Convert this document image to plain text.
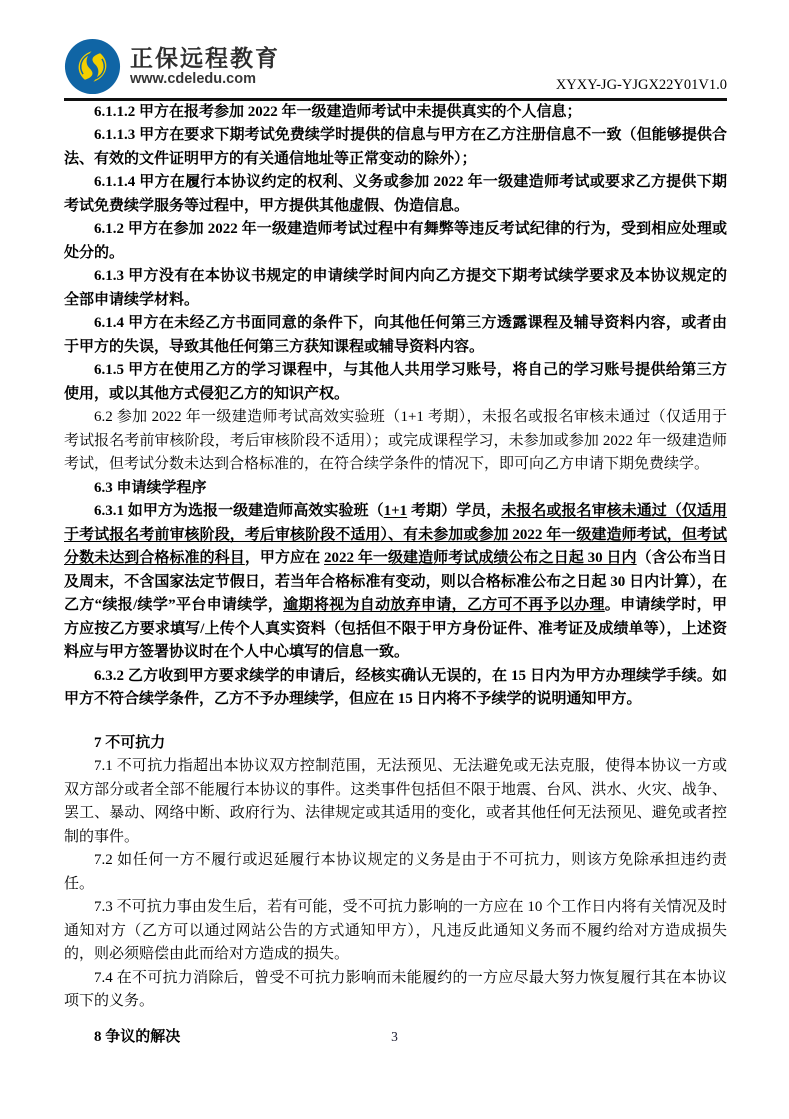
正保远程教育
www.cdeledu.com	XYXY-JG-YJGX22Y01V1.0

6.1.1.2 甲方在报考参加 2022 年一级建造师考试中未提供真实的个人信息；

6.1.1.3 甲方在要求下期考试免费续学时提供的信息与甲方在乙方注册信息不一致（但能够提供合法、有效的文件证明甲方的有关通信地址等正常变动的除外）；

6.1.1.4 甲方在履行本协议约定的权利、义务或参加 2022 年一级建造师考试或要求乙方提供下期考试免费续学服务等过程中，甲方提供其他虚假、伪造信息。

6.1.2 甲方在参加 2022 年一级建造师考试过程中有舞弊等违反考试纪律的行为，受到相应处理或处分的。

6.1.3 甲方没有在本协议书规定的申请续学时间内向乙方提交下期考试续学要求及本协议规定的全部申请续学材料。

6.1.4 甲方在未经乙方书面同意的条件下，向其他任何第三方透露课程及辅导资料内容，或者由于甲方的失误，导致其他任何第三方获知课程或辅导资料内容。

6.1.5 甲方在使用乙方的学习课程中，与其他人共用学习账号，将自己的学习账号提供给第三方使用，或以其他方式侵犯乙方的知识产权。

6.2 参加 2022 年一级建造师考试高效实验班（1+1 考期），未报名或报名审核未通过（仅适用于考试报名考前审核阶段，考后审核阶段不适用）；或完成课程学习，未参加或参加 2022 年一级建造师考试，但考试分数未达到合格标准的，在符合续学条件的情况下，即可向乙方申请下期免费续学。

6.3 申请续学程序

6.3.1 如甲方为选报一级建造师高效实验班（1+1 考期）学员，未报名或报名审核未通过（仅适用于考试报名考前审核阶段，考后审核阶段不适用）、有未参加或参加 2022 年一级建造师考试，但考试分数未达到合格标准的科目，甲方应在 2022 年一级建造师考试成绩公布之日起 30 日内（含公布当日及周末，不含国家法定节假日，若当年合格标准有变动，则以合格标准公布之日起 30 日内计算），在乙方“续报/续学”平台申请续学，逾期将视为自动放弃申请，乙方可不再予以办理。申请续学时，甲方应按乙方要求填写/上传个人真实资料（包括但不限于甲方身份证件、准考证及成绩单等），上述资料应与甲方签署协议时在个人中心填写的信息一致。

6.3.2 乙方收到甲方要求续学的申请后，经核实确认无误的，在 15 日内为甲方办理续学手续。如甲方不符合续学条件，乙方不予办理续学，但应在 15 日内将不予续学的说明通知甲方。

7 不可抗力

7.1 不可抗力指超出本协议双方控制范围，无法预见、无法避免或无法克服，使得本协议一方或双方部分或者全部不能履行本协议的事件。这类事件包括但不限于地震、台风、洪水、火灾、战争、罢工、暴动、网络中断、政府行为、法律规定或其适用的变化，或者其他任何无法预见、避免或者控制的事件。

7.2 如任何一方不履行或迟延履行本协议规定的义务是由于不可抗力，则该方免除承担违约责任。

7.3 不可抗力事由发生后，若有可能，受不可抗力影响的一方应在 10 个工作日内将有关情况及时通知对方（乙方可以通过网站公告的方式通知甲方），凡违反此通知义务而不履约给对方造成损失的，则必须赔偿由此而给对方造成的损失。

7.4 在不可抗力消除后，曾受不可抗力影响而未能履约的一方应尽最大努力恢复履行其在本协议项下的义务。

8 争议的解决	3
